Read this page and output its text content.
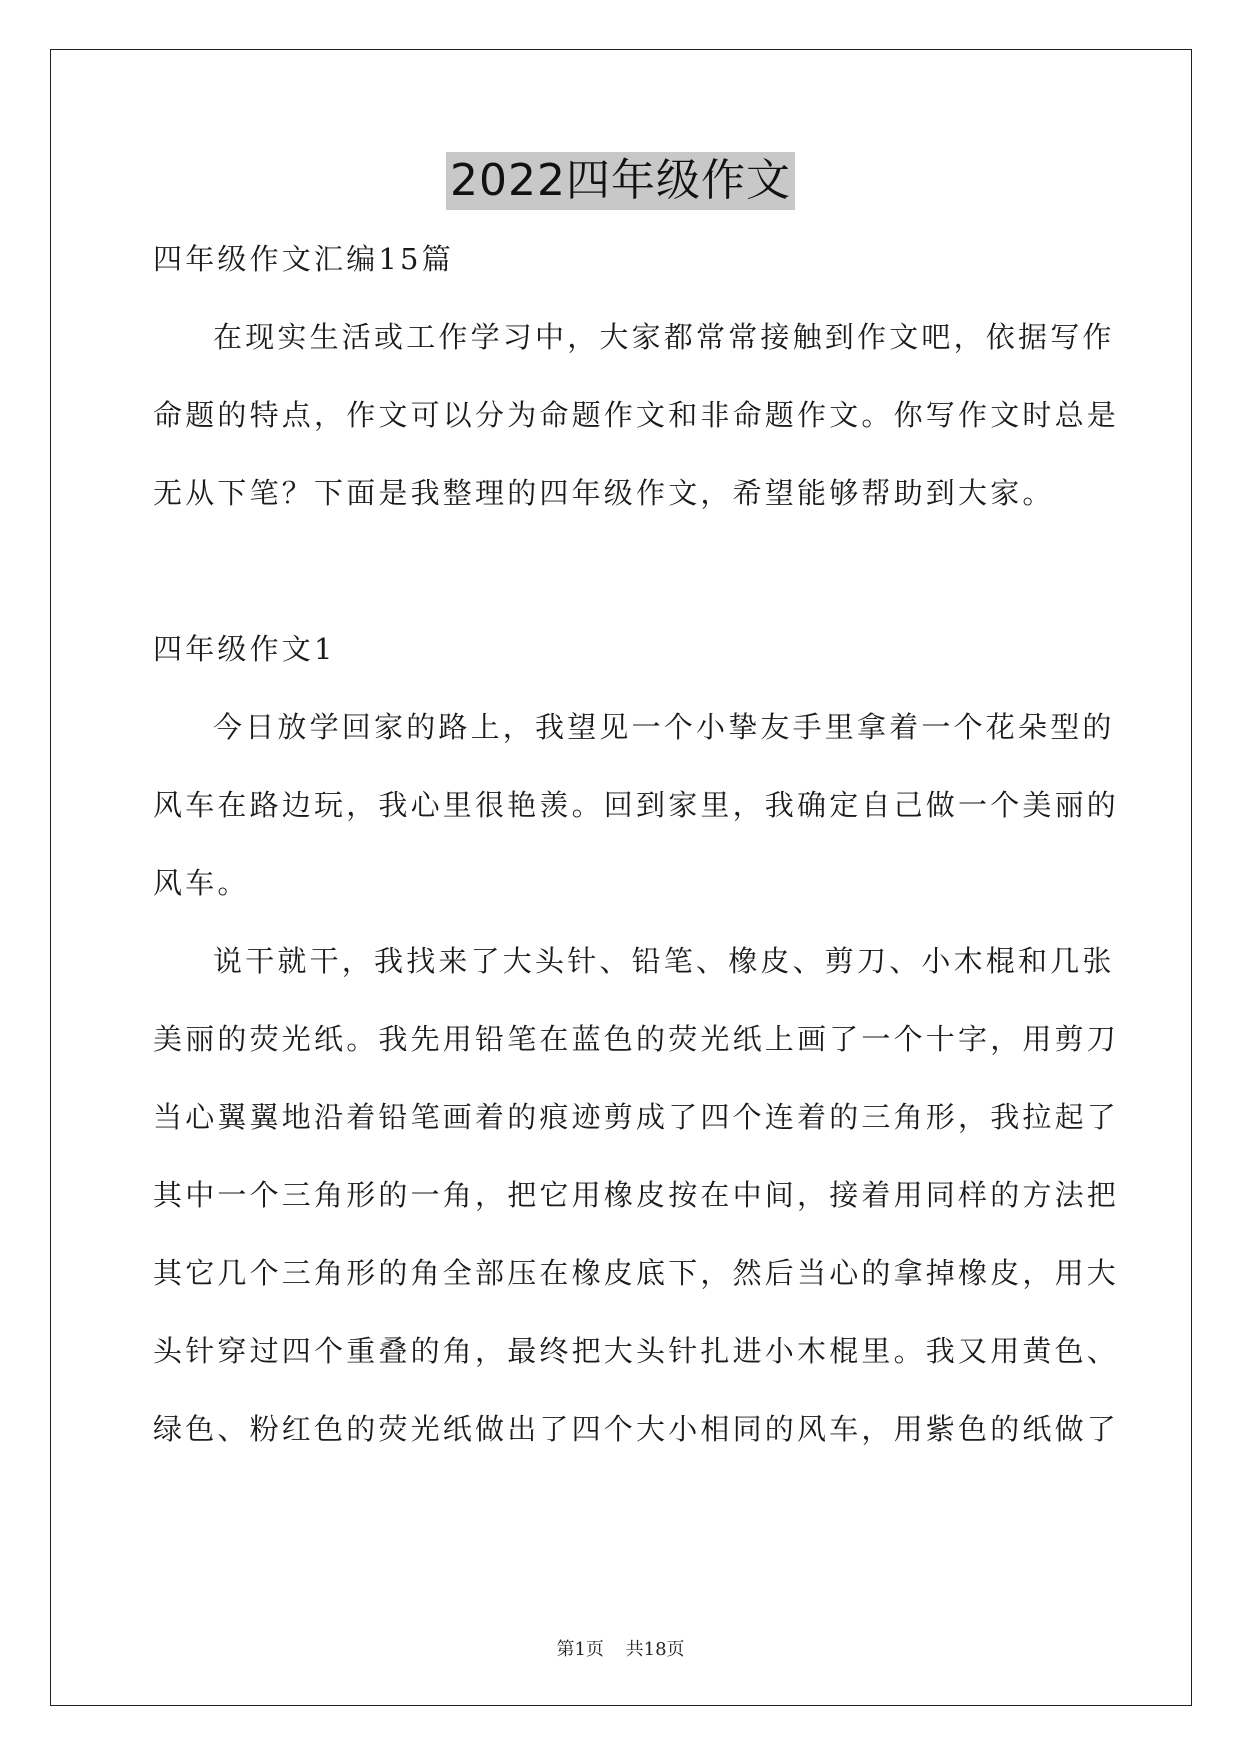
2022四年级作文
四年级作文汇编15篇
在现实生活或工作学习中，大家都常常接触到作文吧，依据写作
命题的特点，作文可以分为命题作文和非命题作文。你写作文时总是
无从下笔？下面是我整理的四年级作文，希望能够帮助到大家。
四年级作文1
今日放学回家的路上，我望见一个小挚友手里拿着一个花朵型的
风车在路边玩，我心里很艳羡。回到家里，我确定自己做一个美丽的
风车。
说干就干，我找来了大头针、铅笔、橡皮、剪刀、小木棍和几张
美丽的荧光纸。我先用铅笔在蓝色的荧光纸上画了一个十字，用剪刀
当心翼翼地沿着铅笔画着的痕迹剪成了四个连着的三角形，我拉起了
其中一个三角形的一角，把它用橡皮按在中间，接着用同样的方法把
其它几个三角形的角全部压在橡皮底下，然后当心的拿掉橡皮，用大
头针穿过四个重叠的角，最终把大头针扎进小木棍里。我又用黄色、
绿色、粉红色的荧光纸做出了四个大小相同的风车，用紫色的纸做了
第1页 共18页
